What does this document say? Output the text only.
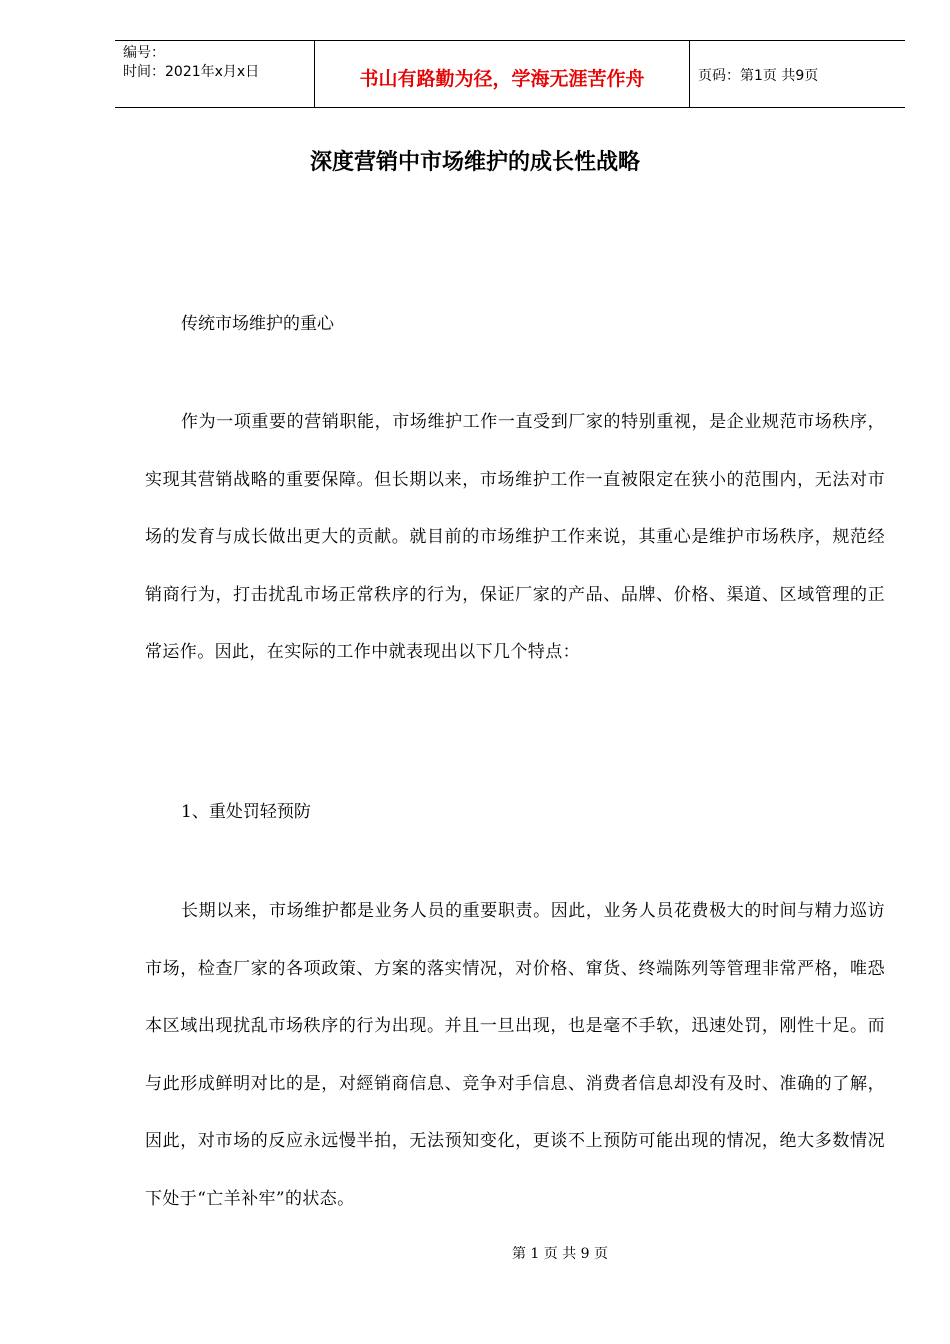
编号：
时间：2021年x月x日	书山有路勤为径，学海无涯苦作舟	页码：第1页 共9页
深度营销中市场维护的成长性战略

传统市场维护的重心

作为一项重要的营销职能，市场维护工作一直受到厂家的特别重视，是企业规范市场秩序，实现其营销战略的重要保障。但长期以来，市场维护工作一直被限定在狭小的范围内，无法对市场的发育与成长做出更大的贡献。就目前的市场维护工作来说，其重心是维护市场秩序，规范经销商行为，打击扰乱市场正常秩序的行为，保证厂家的产品、品牌、价格、渠道、区域管理的正常运作。因此，在实际的工作中就表现出以下几个特点：

1、重处罚轻预防

长期以来，市场维护都是业务人员的重要职责。因此，业务人员花费极大的时间与精力巡访市场，检查厂家的各项政策、方案的落实情况，对价格、窜货、终端陈列等管理非常严格，唯恐本区域出现扰乱市场秩序的行为出现。并且一旦出现，也是毫不手软，迅速处罚，刚性十足。而与此形成鲜明对比的是，对經销商信息、竞争对手信息、消费者信息却没有及时、准确的了解，因此，对市场的反应永远慢半拍，无法预知变化，更谈不上预防可能出现的情况，绝大多数情况下处于“亡羊补牢”的状态。

第 1 页 共 9 页
